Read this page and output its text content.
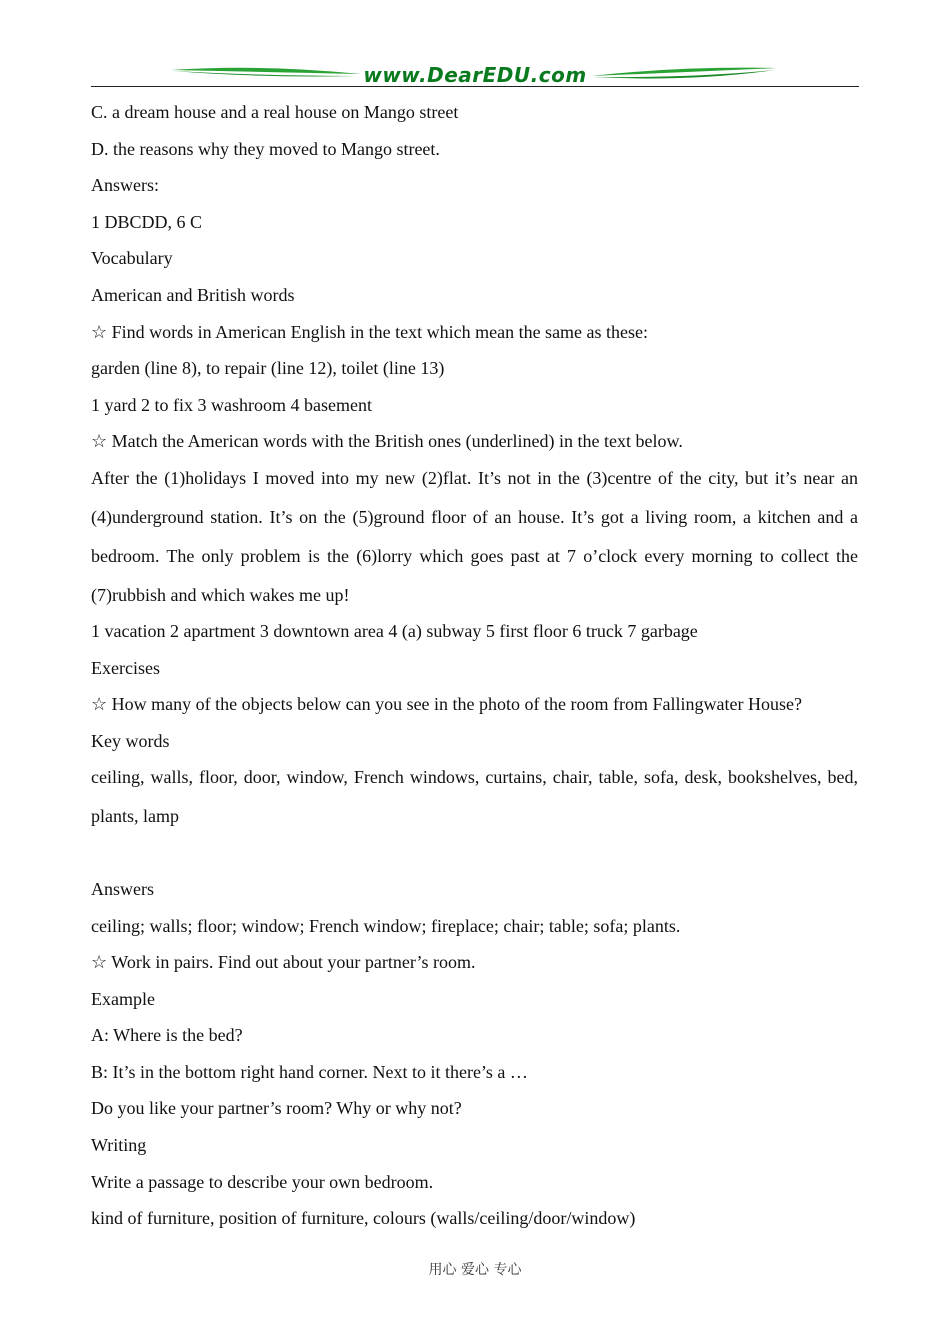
www.DearEDU.com
C. a dream house and a real house on Mango street
D. the reasons why they moved to Mango street.
Answers:
1 DBCDD, 6 C
Vocabulary
American and British words
☆ Find words in American English in the text which mean the same as these:
garden (line 8), to repair (line 12), toilet (line 13)
1 yard 2 to fix 3 washroom 4 basement
☆ Match the American words with the British ones (underlined) in the text below.
After the (1)holidays I moved into my new (2)flat. It’s not in the (3)centre of the city, but it’s near an (4)underground station. It’s on the (5)ground floor of an house. It’s got a living room, a kitchen and a bedroom. The only problem is the (6)lorry which goes past at 7 o’clock every morning to collect the (7)rubbish and which wakes me up!
1 vacation 2 apartment 3 downtown area 4 (a) subway 5 first floor 6 truck 7 garbage
Exercises
☆ How many of the objects below can you see in the photo of the room from Fallingwater House?
Key words
ceiling, walls, floor, door, window, French windows, curtains, chair, table, sofa, desk, bookshelves, bed, plants, lamp
Answers
ceiling; walls; floor; window; French window; fireplace; chair; table; sofa; plants.
☆ Work in pairs. Find out about your partner’s room.
Example
A: Where is the bed?
B: It’s in the bottom right hand corner. Next to it there’s a …
Do you like your partner’s room? Why or why not?
Writing
Write a passage to describe your own bedroom.
kind of furniture, position of furniture, colours (walls/ceiling/door/window)
用心 爱心 专心
